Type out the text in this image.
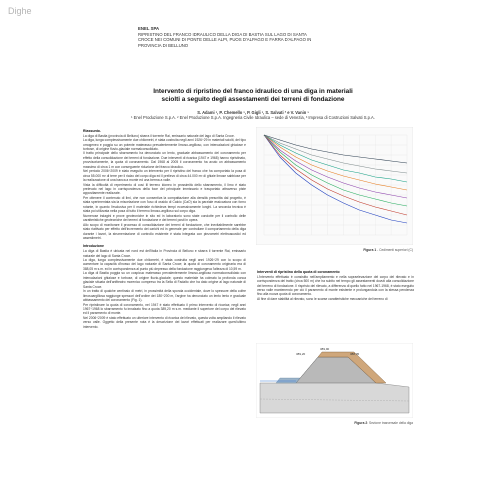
Dighe
ENEL SPA
RIPRISTINO DEL FRANCO IDRAULICO DELLA DIGA DI BASTIA SUL LAGO DI SANTA
CROCE NEI COMUNI DI PONTE DELLE ALPI, PUOS D'ALPAGO E FARRA D'ALPAGO IN
PROVINCIA DI BELLUNO
Intervento di ripristino del franco idraulico di una diga in materiali
sciolti a seguito degli assestamenti dei terreni di fondazione
S. Adami ¹, P. Chemello ¹, P. Gigli ¹, S. Salvati ² e V. Vanin ³
¹ Enel Produzione S.p.A. ² Enel Produzione S.p.A. Ingegneria Civile Idraulica – sede di Venezia, ³ Impresa di Costruzioni Salvati S.p.A.
Riassunto.

La diga di Bastia (provincia di Belluno) sbarra il torrente Rai, emissario naturale del lago di Santa Croce.

La diga, lunga complessivamente due chilometri, è stata costruita negli anni 1926÷29 in materiali sciolti, del tipo omogeneo e poggia su un potente materasso prevalentemente limoso-argilloso, con intercalazioni ghiaiose e torbose, di origine fluvio-glaciale normalconsolidato.

Il tratto principale dello sbarramento ha denunciato un lento, graduale abbassamento del coronamento per effetto della consolidazione dei terreni di fondazione. Due interventi di ricarica (1947 e 1968) hanno ripristinato, provvisoriamente, la quota di coronamento. Dal 1968 al 2005 il coronamento ha avuto un abbassamento massimo di circa 1 m con conseguente riduzione del franco idraulico.

Nel periodo 2006÷2009 è stato eseguito un intervento per il ripristino del franco che ha comportato la posa di circa 55.000 m³ di terre per il rialzo del corpo diga ed il prelievo di circa 44.000 m³ di ghiaie limose sabbiose per la realizzazione di una banca a monte ed una berma a valle.

Vista la difficoltà di reperimento di così ill terreno idoneo in prossimità dello sbarramento, il limo è stato prelevato nel lago in corrispondenza della foce del principale immissario e trasportato attraverso piste appositamente realizzate.

Per ottenere il contenuto di limi, che non consentiva la compattazione alla densità prescritta dal progetto, è stata sperimentata sia la miscelazione con l'uso di ossido di Calcio (CaO) sia la parziale essiccatura con forno rotante, in quanto l'esclusiva per il materiale richiedeva tempi eccessivamente lunghi. La seconda tecnica è stata poi utilizzata nella posa di tutto il terreno limoso-argilloso sul corpo diga.

Numerose indagini e prove geotecniche in sito ed in laboratorio sono state condotte per il controllo delle caratteristiche geotecniche dei terreni di fondazione e dei terreni posti in opera.

Allo scopo di monitorare il processo di consolidazione dei terreni di fondazione, che inevitabilmente sarebbe stato riattivato per effetto dell'incremento dei carichi ed in generale per controllare il comportamento della diga durante i lavori, la strumentazione di controllo esistente è stata integrata con piezometri elettroacustici ed assestimetri.

Introduzione

La diga di Bastia è ubicata nel nord est dell'Italia in Provincia di Belluno e sbarra il torrente Rai, emissario naturale del lago di Santa Croce.

La diga, lunga complessivamente due chilometri, è stata costruita negli anni 1926÷29 con lo scopo di aumentare la capacità d'invaso del lago naturale di Santa Croce; la quota di coronamento originaria era di 388,05 m s.m. ed in corrispondenza al punto più depresso della fondazione raggiungeva l'altezza di 10,59 m.

La diga di Bastia poggia su un cospicuo materasso prevalentemente limoso-argilloso normalconsolidato con intercalazioni ghiaiose e torbose, di origine fluvio-glaciale; questo materiale ha colmato la profonda conca glaciale situata dell'anfiteatro morenico compreso tra la Sella di Fadalto che ha dato origine al lago naturale di Santa Croce.

In un tratto di qualche centinaio di metri, in prossimità della sponda occidentale, dove lo spessore della coltre limosoargillosa raggiunge spessori dell'ordine dei 180÷200 m, l'argine ha denunciato un lento lento e graduale abbassamento del coronamento (Fig. 1).

Per ripristinare la quota di coronamento, nel 1947 è stato effettuato il primo intervento di ricarica; negli anni 1967÷1968 lo sbarramento fu innalzato fino a quota 389,20 m s.m. mediante il superiore del corpo del rilevato ed il pararmento di monte.

Nel 2006÷2009 è stato effettuato un ulteriore intervento di ricarica del rilevato, questa volta ampliando il rilevato verso valle. Oggetto della presente nota è la descrizione dei lavori effettuati per realizzare quest'ultimo intervento.

Figura 1 - Cedimenti superiori (C)
Interventi di ripristino della quota di coronamento

L'intervento effettuato è consistito nell'ampliamento e nella sopraelevazione del corpo del rilevato e in corrispondenza del tratto (circa 500 m) che ha subito nel tempo gli assestamenti dovuti alla consolidazione del terreno di fondazione. Il rispristo del rilevato, a differenza di quello fatto nel 1967-1968, è stato eseguito verso valle mantenendo per ciò il paramento di monte esistente e prolungandola con la stessa pendenza fino alla nuova quota di coronamento.

Al fine di dare stabilità al rilevato, sono le scarse caratteristiche meccaniche del terreno di

389,90
388,05
389,20
Figura 2: Sezione trasversale della diga
